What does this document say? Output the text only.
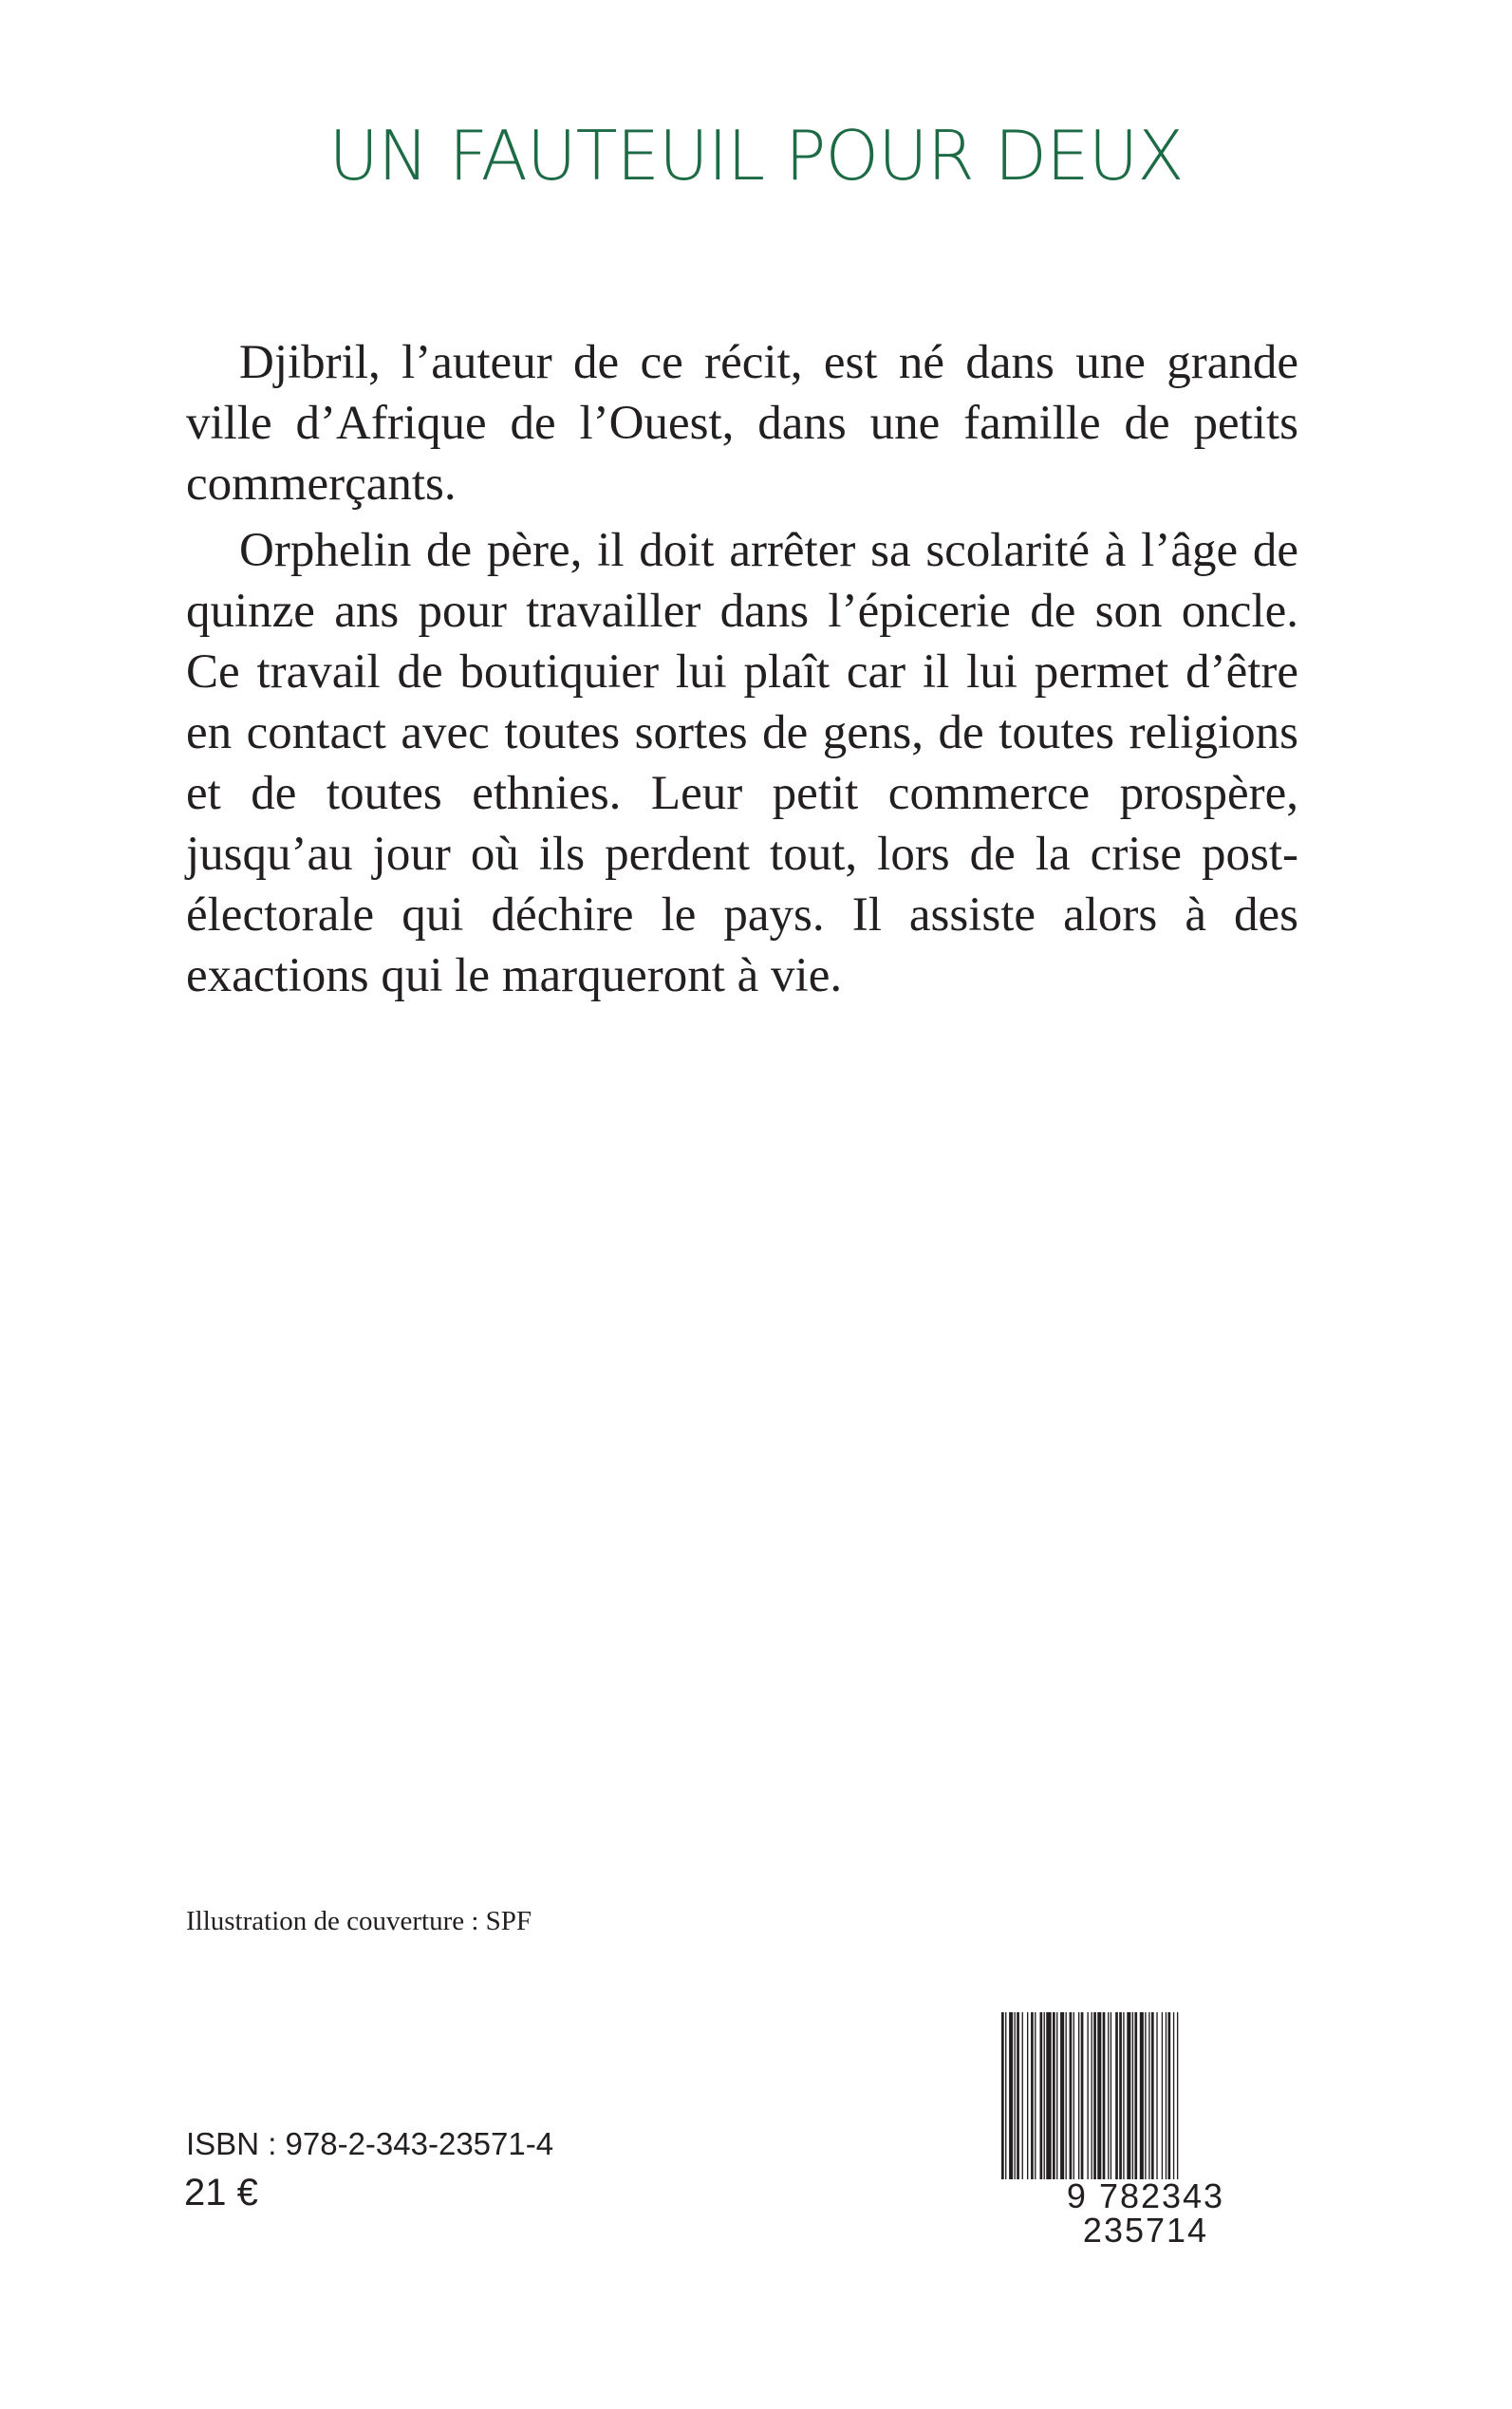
UN FAUTEUIL POUR DEUX

Djibril, l’auteur de ce récit, est né dans une grande ville d’Afrique de l’Ouest, dans une famille de petits commerçants.

Orphelin de père, il doit arrêter sa scolarité à l’âge de quinze ans pour travailler dans l’épicerie de son oncle. Ce travail de boutiquier lui plaît car il lui permet d’être en contact avec toutes sortes de gens, de toutes religions et de toutes ethnies. Leur petit commerce prospère, jusqu’au jour où ils perdent tout, lors de la crise post-électorale qui déchire le pays. Il assiste alors à des exactions qui le marqueront à vie.

Illustration de couverture : SPF

ISBN : 978-2-343-23571-4

21 €	9 782343 235714
